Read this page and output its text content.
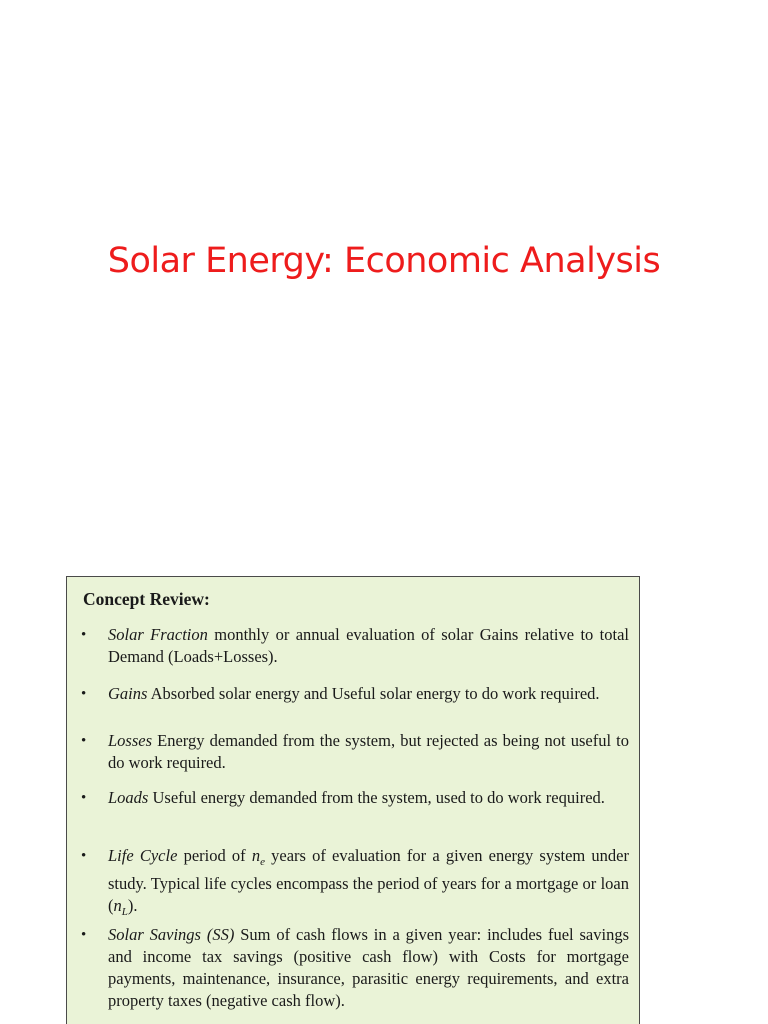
Solar Energy: Economic Analysis
Concept Review:
•	Solar Fraction monthly or annual evaluation of solar Gains relative to total Demand (Loads+Losses).
•	Gains Absorbed solar energy and Useful solar energy to do work required.
•	Losses Energy demanded from the system, but rejected as being not useful to do work required.
•	Loads Useful energy demanded from the system, used to do work required.
•	Life Cycle period of $n_e$ years of evaluation for a given energy system under study. Typical life cycles encompass the period of years for a mortgage or loan $(n_L)$.
•	Solar Savings (SS) Sum of cash flows in a given year: includes fuel savings and income tax savings (positive cash flow) with Costs for mortgage payments, maintenance, insurance, parasitic energy requirements, and extra property taxes (negative cash flow).
